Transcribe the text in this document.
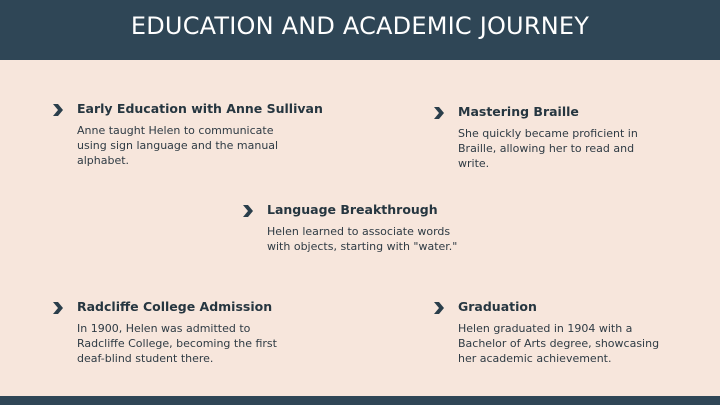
EDUCATION AND ACADEMIC JOURNEY
Early Education with Anne Sullivan
Anne taught Helen to communicate using sign language and the manual alphabet.
Mastering Braille
She quickly became proficient in Braille, allowing her to read and write.
Language Breakthrough
Helen learned to associate words with objects, starting with "water."
Radcliffe College Admission
In 1900, Helen was admitted to Radcliffe College, becoming the first deaf-blind student there.
Graduation
Helen graduated in 1904 with a Bachelor of Arts degree, showcasing her academic achievement.
